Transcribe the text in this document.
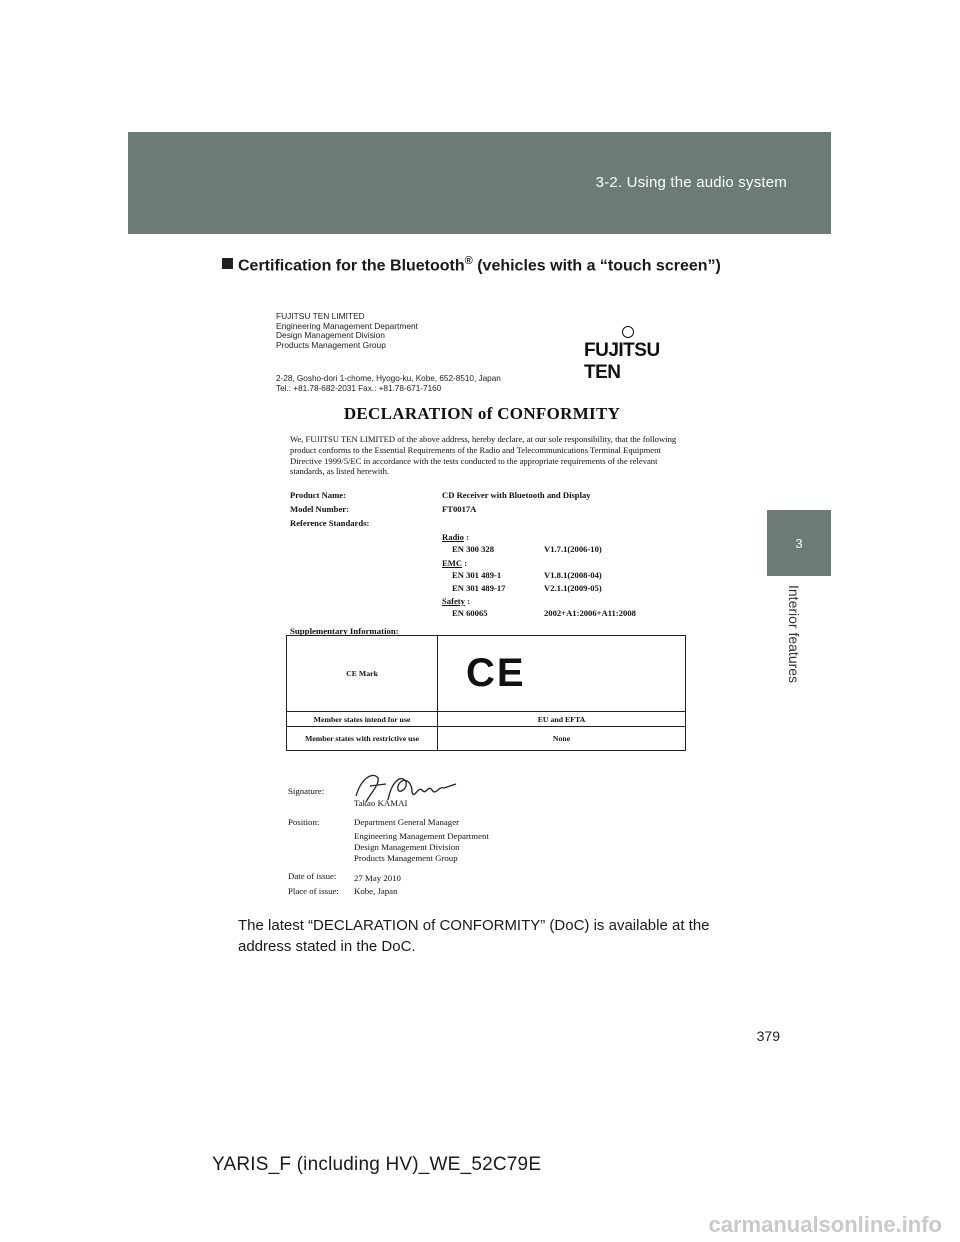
3-2. Using the audio system
3
Interior features
Certification for the Bluetooth® (vehicles with a “touch screen”)
FUJITSU TEN LIMITED
Engineering Management Department
Design Management Division
Products Management Group
2-28, Gosho-dori 1-chome, Hyogo-ku, Kobe, 652-8510, Japan
Tel.: +81.78-682-2031 Fax.: +81.78-671-7160
FUJITSU TEN
DECLARATION of CONFORMITY
We, FUJITSU TEN LIMITED of the above address, hereby declare, at our sole responsibility, that the following product conforms to the Essential Requirements of the Radio and Telecommunications Terminal Equipment Directive 1999/5/EC in accordance with the tests conducted to the appropriate requirements of the relevant standards, as listed herewith.
Product Name:	CD Receiver with Bluetooth and Display
Model Number:	FT0017A
Reference Standards:
Radio :
EN 300 328	V1.7.1(2006-10)
EMC :
EN 301 489-1	V1.8.1(2008-04)
EN 301 489-17	V2.1.1(2009-05)
Safety :
EN 60065	2002+A1:2006+A11:2008
Supplementary Information:
CE Mark	CE
Member states intend for use	EU and EFTA
Member states with restrictive use	None
Signature:
Takao KAMAI
Position:	Department General Manager
Engineering Management Department
Design Management Division
Products Management Group
Date of issue: 27 May 2010
Place of issue: Kobe, Japan
The latest “DECLARATION of CONFORMITY” (DoC) is available at the address stated in the DoC.
379
YARIS_F (including HV)_WE_52C79E
carmanualsonline.info
